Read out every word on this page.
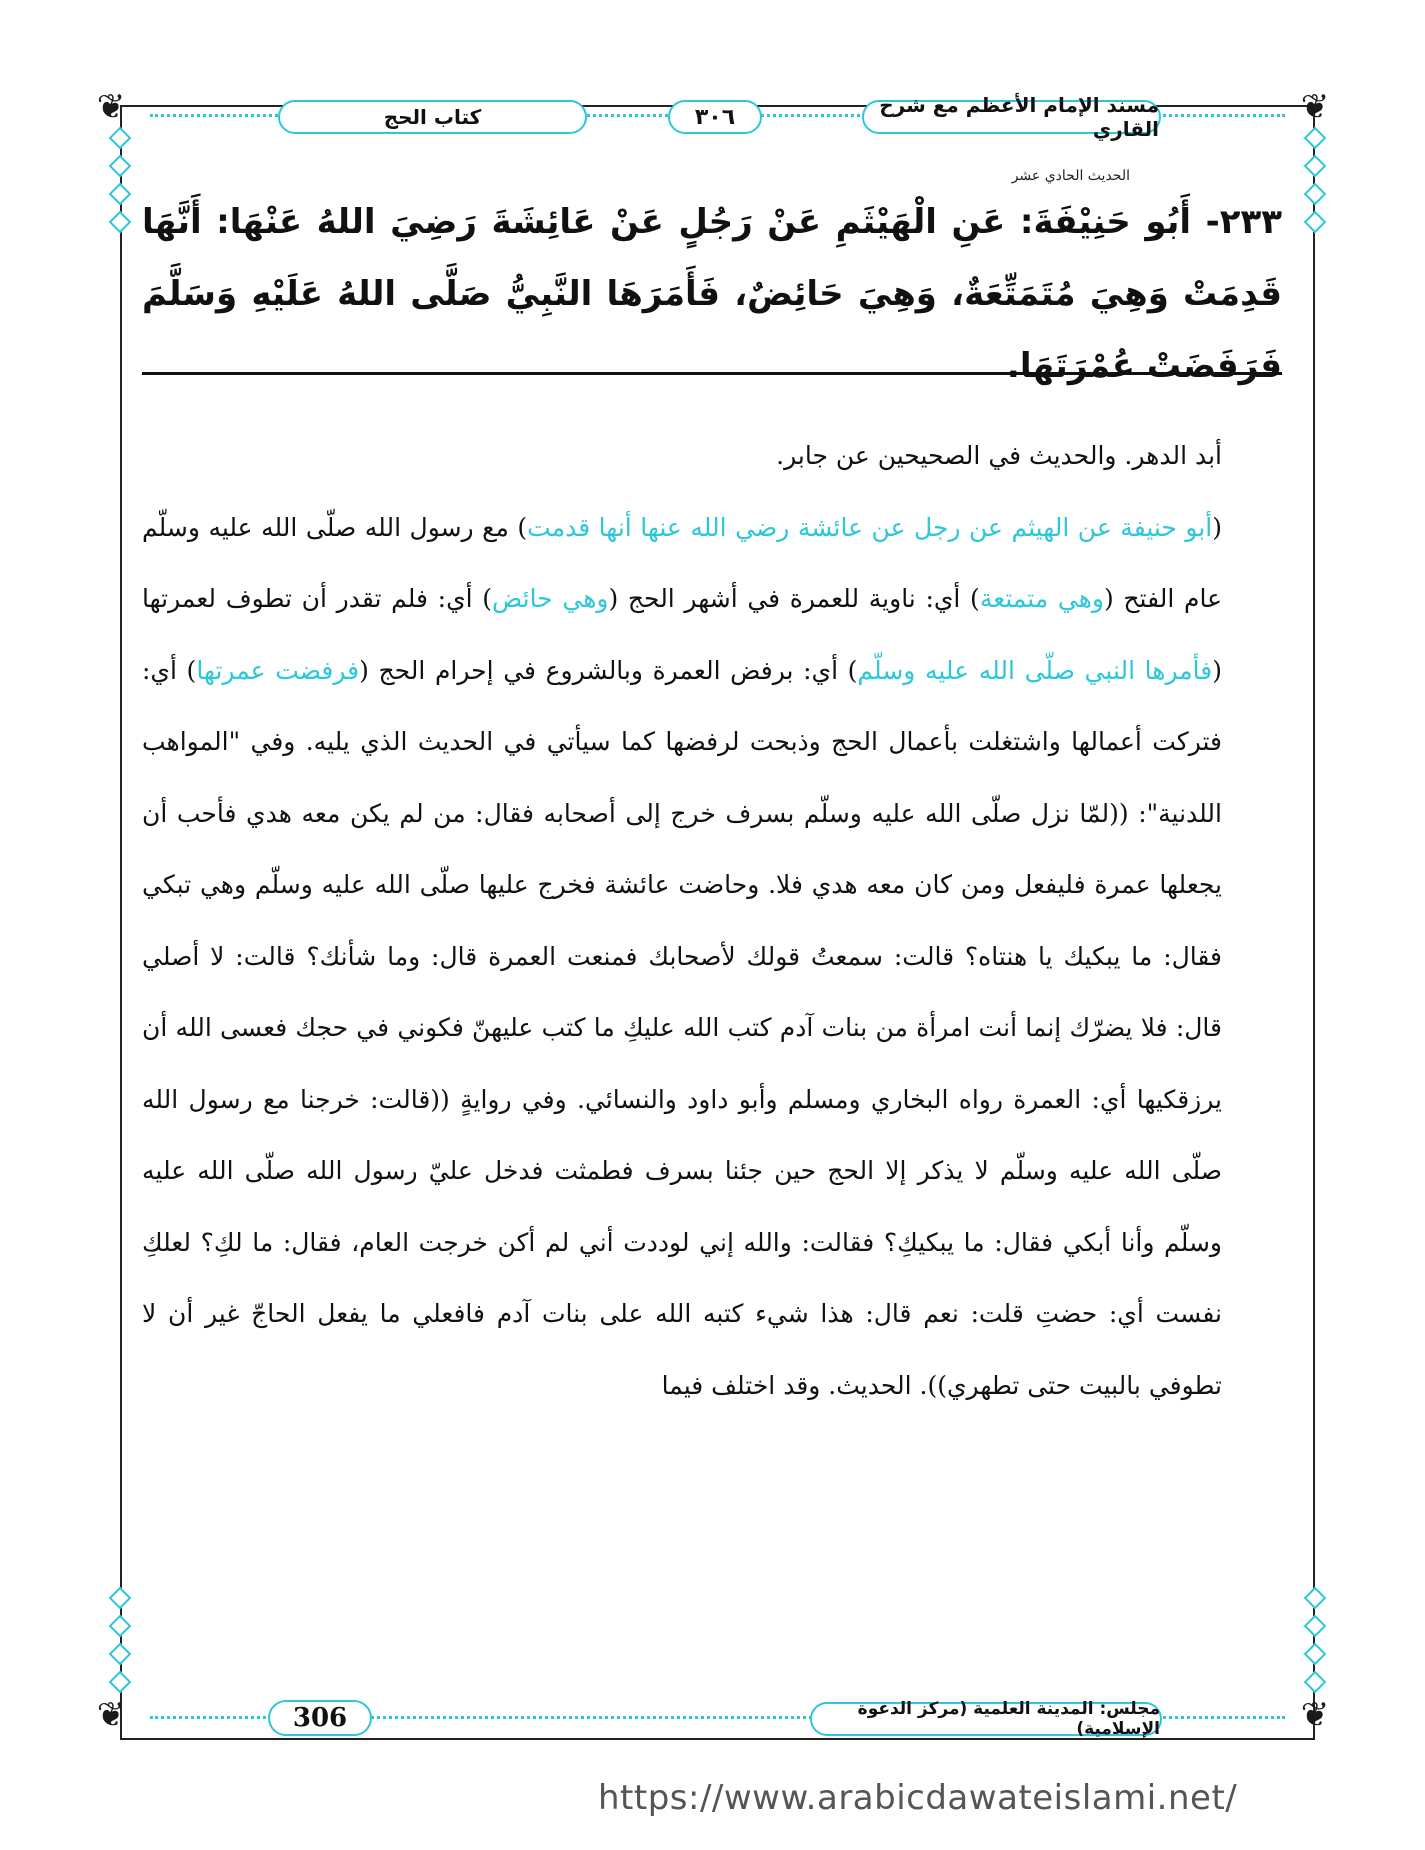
❦	❦
❦	❦
مسند الإمام الأعظم مع شرح القاري
٣٠٦
كتاب الحج
الحديث الحادي عشر
٢٣٣- أَبُو حَنِيْفَةَ: عَنِ الْهَيْثَمِ عَنْ رَجُلٍ عَنْ عَائِشَةَ رَضِيَ اللهُ عَنْهَا: أَنَّهَا قَدِمَتْ وَهِيَ مُتَمَتِّعَةٌ، وَهِيَ حَائِضٌ، فَأَمَرَهَا النَّبِيُّ صَلَّى اللهُ عَلَيْهِ وَسَلَّمَ فَرَفَضَتْ عُمْرَتَهَا.

أبد الدهر. والحديث في الصحيحين عن جابر.

(أبو حنيفة عن الهيثم عن رجل عن عائشة رضي الله عنها أنها قدمت) مع رسول الله صلّى الله عليه وسلّم عام الفتح (وهي متمتعة) أي: ناوية للعمرة في أشهر الحج (وهي حائض) أي: فلم تقدر أن تطوف لعمرتها (فأمرها النبي صلّى الله عليه وسلّم) أي: برفض العمرة وبالشروع في إحرام الحج (فرفضت عمرتها) أي: فتركت أعمالها واشتغلت بأعمال الحج وذبحت لرفضها كما سيأتي في الحديث الذي يليه. وفي "المواهب اللدنية": ((لمّا نزل صلّى الله عليه وسلّم بسرف خرج إلى أصحابه فقال: من لم يكن معه هدي فأحب أن يجعلها عمرة فليفعل ومن كان معه هدي فلا. وحاضت عائشة فخرج عليها صلّى الله عليه وسلّم وهي تبكي فقال: ما يبكيك يا هنتاه؟ قالت: سمعتُ قولك لأصحابك فمنعت العمرة قال: وما شأنك؟ قالت: لا أصلي قال: فلا يضرّك إنما أنت امرأة من بنات آدم كتب الله عليكِ ما كتب عليهنّ فكوني في حجك فعسى الله أن يرزقكيها أي: العمرة رواه البخاري ومسلم وأبو داود والنسائي. وفي روايةٍ ((قالت: خرجنا مع رسول الله صلّى الله عليه وسلّم لا يذكر إلا الحج حين جئنا بسرف فطمثت فدخل عليّ رسول الله صلّى الله عليه وسلّم وأنا أبكي فقال: ما يبكيكِ؟ فقالت: والله إني لوددت أني لم أكن خرجت العام، فقال: ما لكِ؟ لعلكِ نفست أي: حضتِ قلت: نعم قال: هذا شيء كتبه الله على بنات آدم فافعلي ما يفعل الحاجّ غير أن لا تطوفي بالبيت حتى تطهري)). الحديث. وقد اختلف فيما

مجلس: المدينة العلمية (مركز الدعوة الإسلامية)
306
https://www.arabicdawateislami.net/
